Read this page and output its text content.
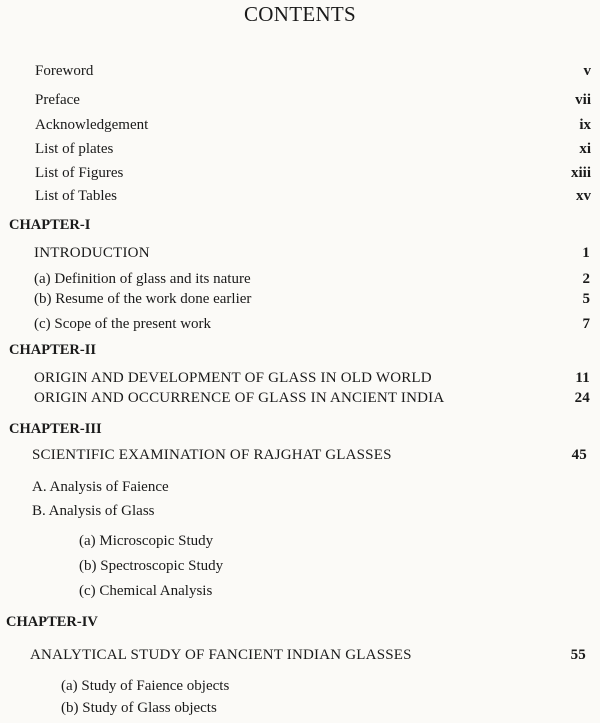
CONTENTS
Foreword	v
Preface	vii
Acknowledgement	ix
List of plates	xi
List of Figures	xiii
List of Tables	xv
CHAPTER-I
INTRODUCTION	1
(a) Definition of glass and its nature	2
(b) Resume of the work done earlier	5
(c) Scope of the present work	7
CHAPTER-II
ORIGIN AND DEVELOPMENT OF GLASS IN OLD WORLD	11
ORIGIN AND OCCURRENCE OF GLASS IN ANCIENT INDIA	24
CHAPTER-III
SCIENTIFIC EXAMINATION OF RAJGHAT GLASSES	45
A. Analysis of Faience
B. Analysis of Glass
(a) Microscopic Study
(b) Spectroscopic Study
(c) Chemical Analysis
CHAPTER-IV
ANALYTICAL STUDY OF FANCIENT INDIAN GLASSES	55
(a) Study of Faience objects
(b) Study of Glass objects
